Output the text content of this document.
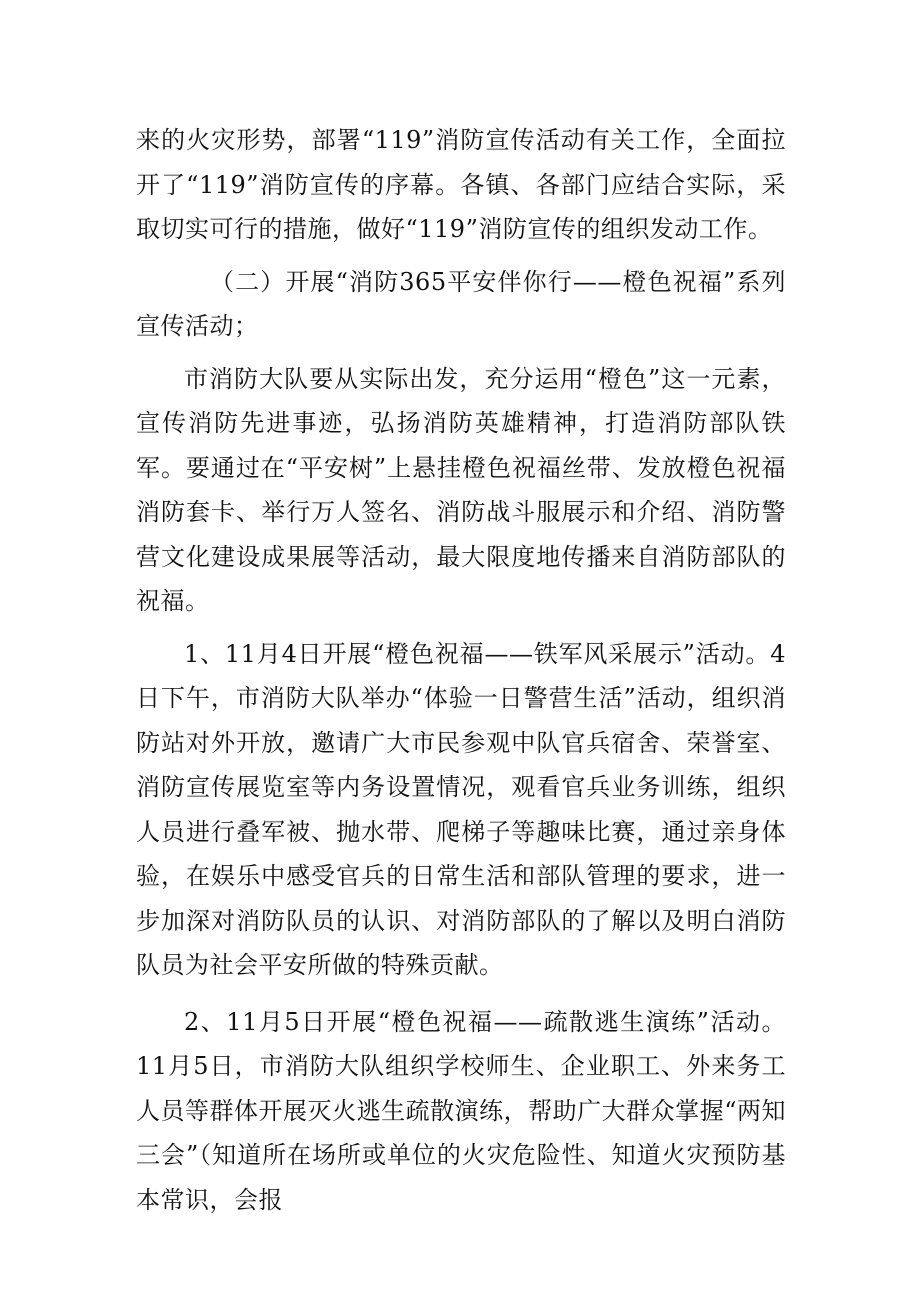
来的火灾形势，部署“119”消防宣传活动有关工作，全面拉开了“119”消防宣传的序幕。各镇、各部门应结合实际，采取切实可行的措施，做好“119”消防宣传的组织发动工作。

（二）开展“消防365平安伴你行——橙色祝福”系列宣传活动；

市消防大队要从实际出发，充分运用“橙色”这一元素，宣传消防先进事迹，弘扬消防英雄精神，打造消防部队铁军。要通过在“平安树”上悬挂橙色祝福丝带、发放橙色祝福消防套卡、举行万人签名、消防战斗服展示和介绍、消防警营文化建设成果展等活动，最大限度地传播来自消防部队的祝福。

1、11月4日开展“橙色祝福——铁军风采展示”活动。4日下午，市消防大队举办“体验一日警营生活”活动，组织消防站对外开放，邀请广大市民参观中队官兵宿舍、荣誉室、消防宣传展览室等内务设置情况，观看官兵业务训练，组织人员进行叠军被、抛水带、爬梯子等趣味比赛，通过亲身体验，在娱乐中感受官兵的日常生活和部队管理的要求，进一步加深对消防队员的认识、对消防部队的了解以及明白消防队员为社会平安所做的特殊贡献。

2、11月5日开展“橙色祝福——疏散逃生演练”活动。11月5日，市消防大队组织学校师生、企业职工、外来务工人员等群体开展灭火逃生疏散演练，帮助广大群众掌握“两知三会”（知道所在场所或单位的火灾危险性、知道火灾预防基本常识，会报
